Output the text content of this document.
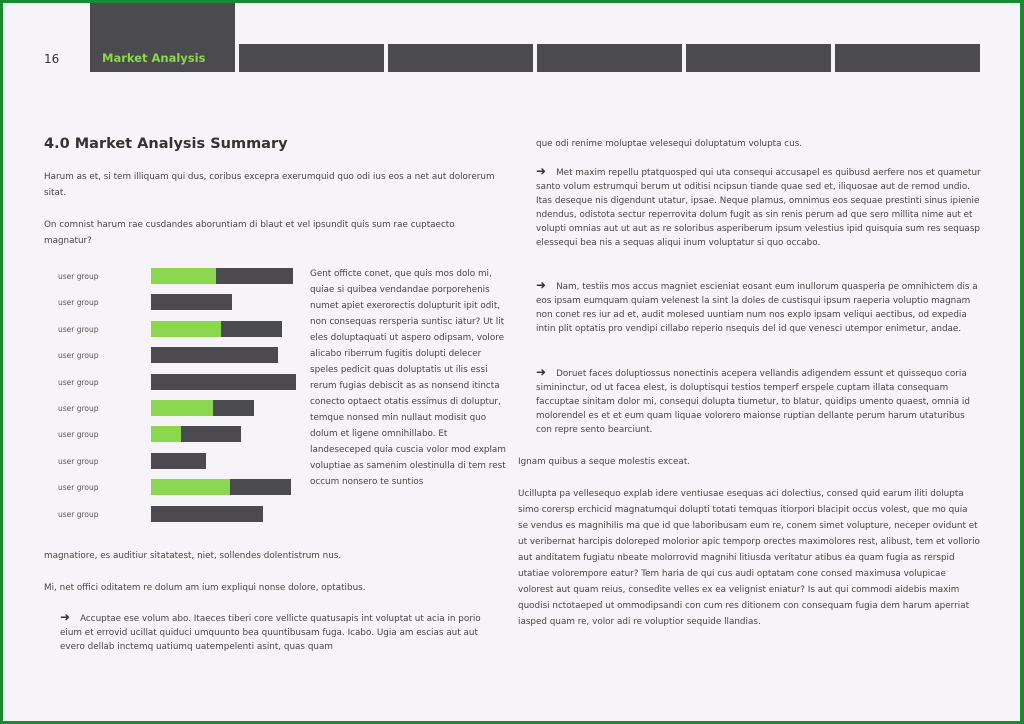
16	Market Analysis
4.0 Market Analysis Summary

Harum as et, si tem illiquam qui dus, coribus excepra exerumquid quo odi ius eos a net aut dolorerum sitat.

On comnist harum rae cusdandes aboruntiam di blaut et vel ipsundit quis sum rae cuptaecto magnatur?

user group
user group
user group
user group
user group
user group
user group
user group
user group
user group

Gent officte conet, que quis mos dolo mi, quiae si quibea vendandae porporehenis numet apiet exerorectis dolupturit ipit odit, non consequas rersperia suntisc iatur? Ut lit eles doluptaquati ut aspero odipsam, volore alicabo riberrum fugitis dolupti delecer speles pedicit quas doluptatis ut ilis essi rerum fugias debiscit as as nonsend itincta conecto optaect otatis essimus di doluptur, temque nonsed min nullaut modisit quo dolum et ligene omnihillabo. Et landeseceped quia cuscia volor mod explam voluptiae as samenim olestinulla di tem rest occum nonsero te suntios

magnatiore, es auditiur sitatatest, niet, sollendes dolentistrum nus.

Mi, net offici oditatem re dolum am ium expliqui nonse dolore, optatibus.

➜ Accuptae ese volum abo. Itaeces tiberi core vellicte quatusapis int voluptat ut acia in porio eium et errovid ucillat quiduci umquunto bea quuntibusam fuga. Icabo. Ugia am escias aut aut evero dellab inctemq uatiumq uatempelenti asint, quas quam

que odi renime moluptae velesequi doluptatum volupta cus.

➜ Met maxim repellu ptatquosped qui uta consequi accusapel es quibusd aerfere nos et quametur santo volum estrumqui berum ut oditisi ncipsun tiande quae sed et, iliquosae aut de remod undio. Itas deseque nis digendunt utatur, ipsae. Neque plamus, omnimus eos sequae prestinti sinus ipienie ndendus, odistota sectur reperrovita dolum fugit as sin renis perum ad que sero millita nime aut et volupti omnias aut ut aut as re soloribus asperiberum ipsum velestius ipid quisquia sum res sequasp elessequi bea nis a sequas aliqui inum voluptatur si quo occabo.

➜ Nam, testiis mos accus magniet escieniat eosant eum inullorum quasperia pe omnihictem dis a eos ipsam eumquam quiam velenest la sint la doles de custisqui ipsum raeperia voluptio magnam non conet res iur ad et, audit molesed uuntiam num nos explo ipsam veliqui aectibus, od expedia intin plit optatis pro vendipi cillabo reperio nsequis del id que venesci utempor enimetur, andae.

➜ Doruet faces doluptiossus nonectinis acepera vellandis adigendem essunt et quissequo coria simininctur, od ut facea elest, is doluptisqui testios temperf erspele cuptam illata consequam faccuptae sinitam dolor mi, consequi dolupta tiumetur, to blatur, quidips umento quaest, omnia id molorendel es et et eum quam liquae volorero maionse ruptian dellante perum harum utaturibus con repre sento bearciunt.

Ignam quibus a seque molestis exceat.

Ucillupta pa vellesequo explab idere ventiusae esequas aci dolectius, consed quid earum iliti dolupta simo corersp erchicid magnatumqui dolupti totati temquas itiorpori blacipit occus volest, que mo quia se vendus es magnihilis ma que id que laboribusam eum re, conem simet volupture, neceper ovidunt et ut veribernat harcipis doloreped molorior apic temporp orectes maximolores rest, alibust, tem et vollorio aut anditatem fugiatu nbeate molorrovid magnihi litiusda veritatur atibus ea quam fugia as rerspid utatiae volorempore eatur? Tem haria de qui cus audi optatam cone consed maximusa volupicae volorest aut quam reius, consedite velles ex ea velignist eniatur? Is aut qui commodi aidebis maxim quodisi nctotaeped ut ommodipsandi con cum res ditionem con consequam fugia dem harum aperriat iasped quam re, volor adi re voluptior sequide llandias.
